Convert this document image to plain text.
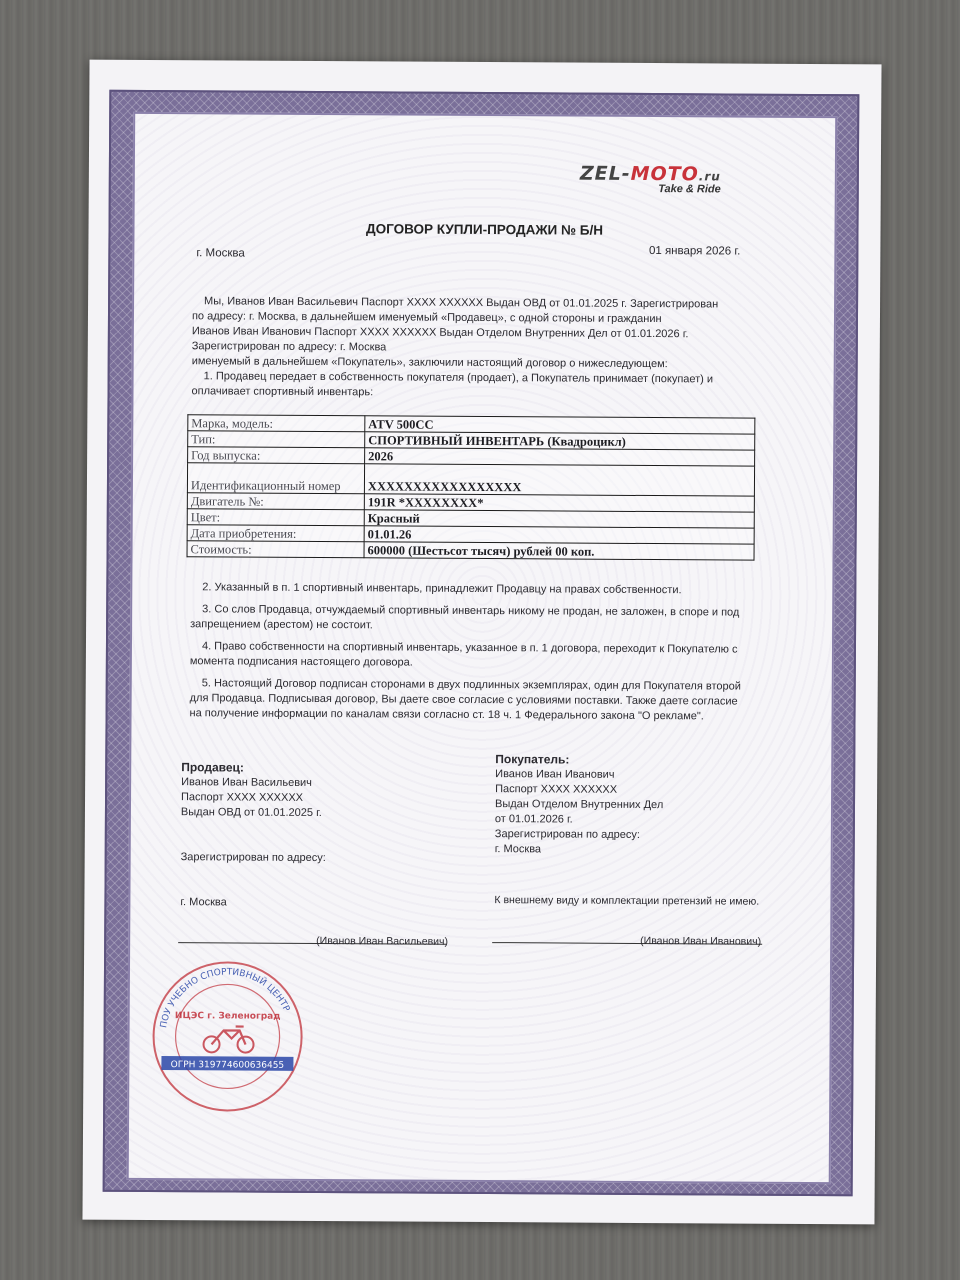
ZEL-MOTO.ru
Take & Ride
ДОГОВОР КУПЛИ-ПРОДАЖИ № Б/Н
г. Москва	01 января 2026 г.

Мы, Иванов Иван Васильевич Паспорт ХХХХ ХХХХХХ Выдан ОВД от 01.01.2025 г. Зарегистрирован

по адресу: г. Москва, в дальнейшем именуемый «Продавец», с одной стороны и гражданин

Иванов Иван Иванович Паспорт ХХХХ ХХХХХХ Выдан Отделом Внутренних Дел от 01.01.2026 г.

Зарегистрирован по адресу: г. Москва

именуемый в дальнейшем «Покупатель», заключили настоящий договор о нижеследующем:

1. Продавец передает в собственность покупателя (продает), а Покупатель принимает (покупает) и

оплачивает спортивный инвентарь:

Марка, модель:	ATV 500CC
Тип:	СПОРТИВНЫЙ ИНВЕНТАРЬ (Квадроцикл)
Год выпуска:	2026
Идентификационный номер	XXXXXXXXXXXXXXXXX
Двигатель №:	191R *XXXXXXXX*
Цвет:	Красный
Дата приобретения:	01.01.26
Стоимость:	600000 (Шестьсот тысяч) рублей 00 коп.

2. Указанный в п. 1 спортивный инвентарь, принадлежит Продавцу на правах собственности.

3. Со слов Продавца, отчуждаемый спортивный инвентарь никому не продан, не заложен, в споре и под запрещением (арестом) не состоит.

4. Право собственности на спортивный инвентарь, указанное в п. 1 договора, переходит к Покупателю с момента подписания настоящего договора.

5. Настоящий Договор подписан сторонами в двух подлинных экземплярах, один для Покупателя второй для Продавца. Подписывая договор, Вы даете свое согласие с условиями поставки. Также даете согласие на получение информации по каналам связи согласно ст. 18 ч. 1 Федерального закона "О рекламе".

Продавец:
Иванов Иван Васильевич
Паспорт ХХХХ ХХХХХХ
Выдан ОВД от 01.01.2025 г.
Зарегистрирован по адресу:
г. Москва
Покупатель:
Иванов Иван Иванович
Паспорт ХХХХ ХХХХХХ
Выдан Отделом Внутренних Дел
от 01.01.2026 г.
Зарегистрирован по адресу:
г. Москва
К внешнему виду и комплектации претензий не имею.
(Иванов Иван Васильевич)	(Иванов Иван Иванович)
ПОУ УЧЕБНО СПОРТИВНЫЙ ЦЕНТР
ИЦЭС г. Зеленоград
ОГРН 319774600636455
